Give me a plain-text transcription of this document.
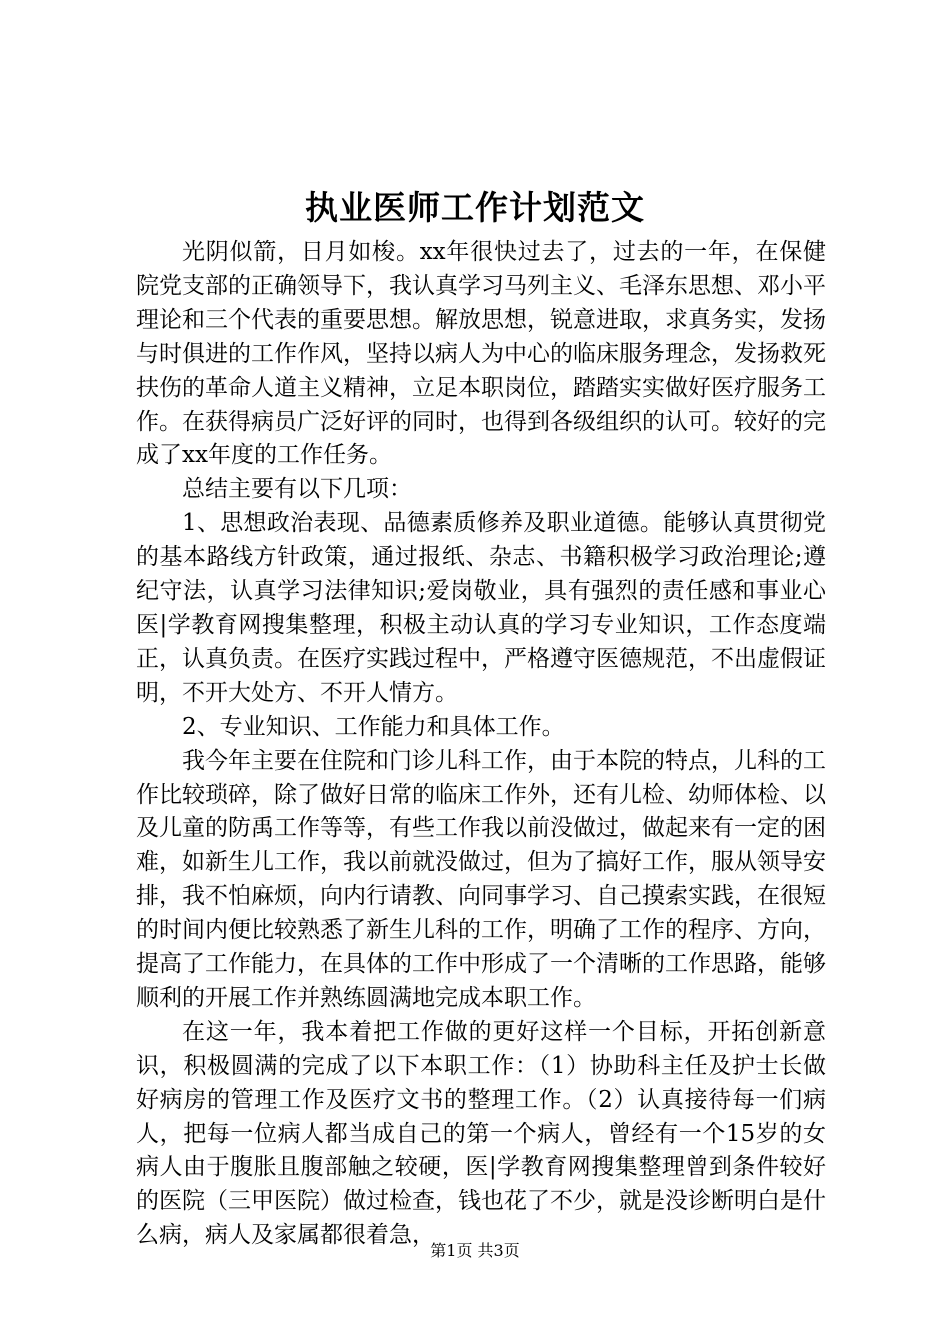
执业医师工作计划范文

光阴似箭，日月如梭。xx年很快过去了，过去的一年，在保健院党支部的正确领导下，我认真学习马列主义、毛泽东思想、邓小平理论和三个代表的重要思想。解放思想，锐意进取，求真务实，发扬与时俱进的工作作风，坚持以病人为中心的临床服务理念，发扬救死扶伤的革命人道主义精神，立足本职岗位，踏踏实实做好医疗服务工作。在获得病员广泛好评的同时，也得到各级组织的认可。较好的完成了xx年度的工作任务。

总结主要有以下几项：

1、思想政治表现、品德素质修养及职业道德。能够认真贯彻党的基本路线方针政策，通过报纸、杂志、书籍积极学习政治理论;遵纪守法，认真学习法律知识;爱岗敬业，具有强烈的责任感和事业心医|学教育网搜集整理，积极主动认真的学习专业知识，工作态度端正，认真负责。在医疗实践过程中，严格遵守医德规范，不出虚假证明，不开大处方、不开人情方。

2、专业知识、工作能力和具体工作。

我今年主要在住院和门诊儿科工作，由于本院的特点，儿科的工作比较琐碎，除了做好日常的临床工作外，还有儿检、幼师体检、以及儿童的防禹工作等等，有些工作我以前没做过，做起来有一定的困难，如新生儿工作，我以前就没做过，但为了搞好工作，服从领导安排，我不怕麻烦，向内行请教、向同事学习、自己摸索实践，在很短的时间内便比较熟悉了新生儿科的工作，明确了工作的程序、方向，提高了工作能力，在具体的工作中形成了一个清晰的工作思路，能够顺利的开展工作并熟练圆满地完成本职工作。

在这一年，我本着把工作做的更好这样一个目标，开拓创新意识，积极圆满的完成了以下本职工作：（1）协助科主任及护士长做好病房的管理工作及医疗文书的整理工作。（2）认真接待每一们病人，把每一位病人都当成自己的第一个病人，曾经有一个15岁的女病人由于腹胀且腹部触之较硬，医|学教育网搜集整理曾到条件较好的医院（三甲医院）做过检查，钱也花了不少，就是没诊断明白是什么病，病人及家属都很着急，

第1页 共3页
